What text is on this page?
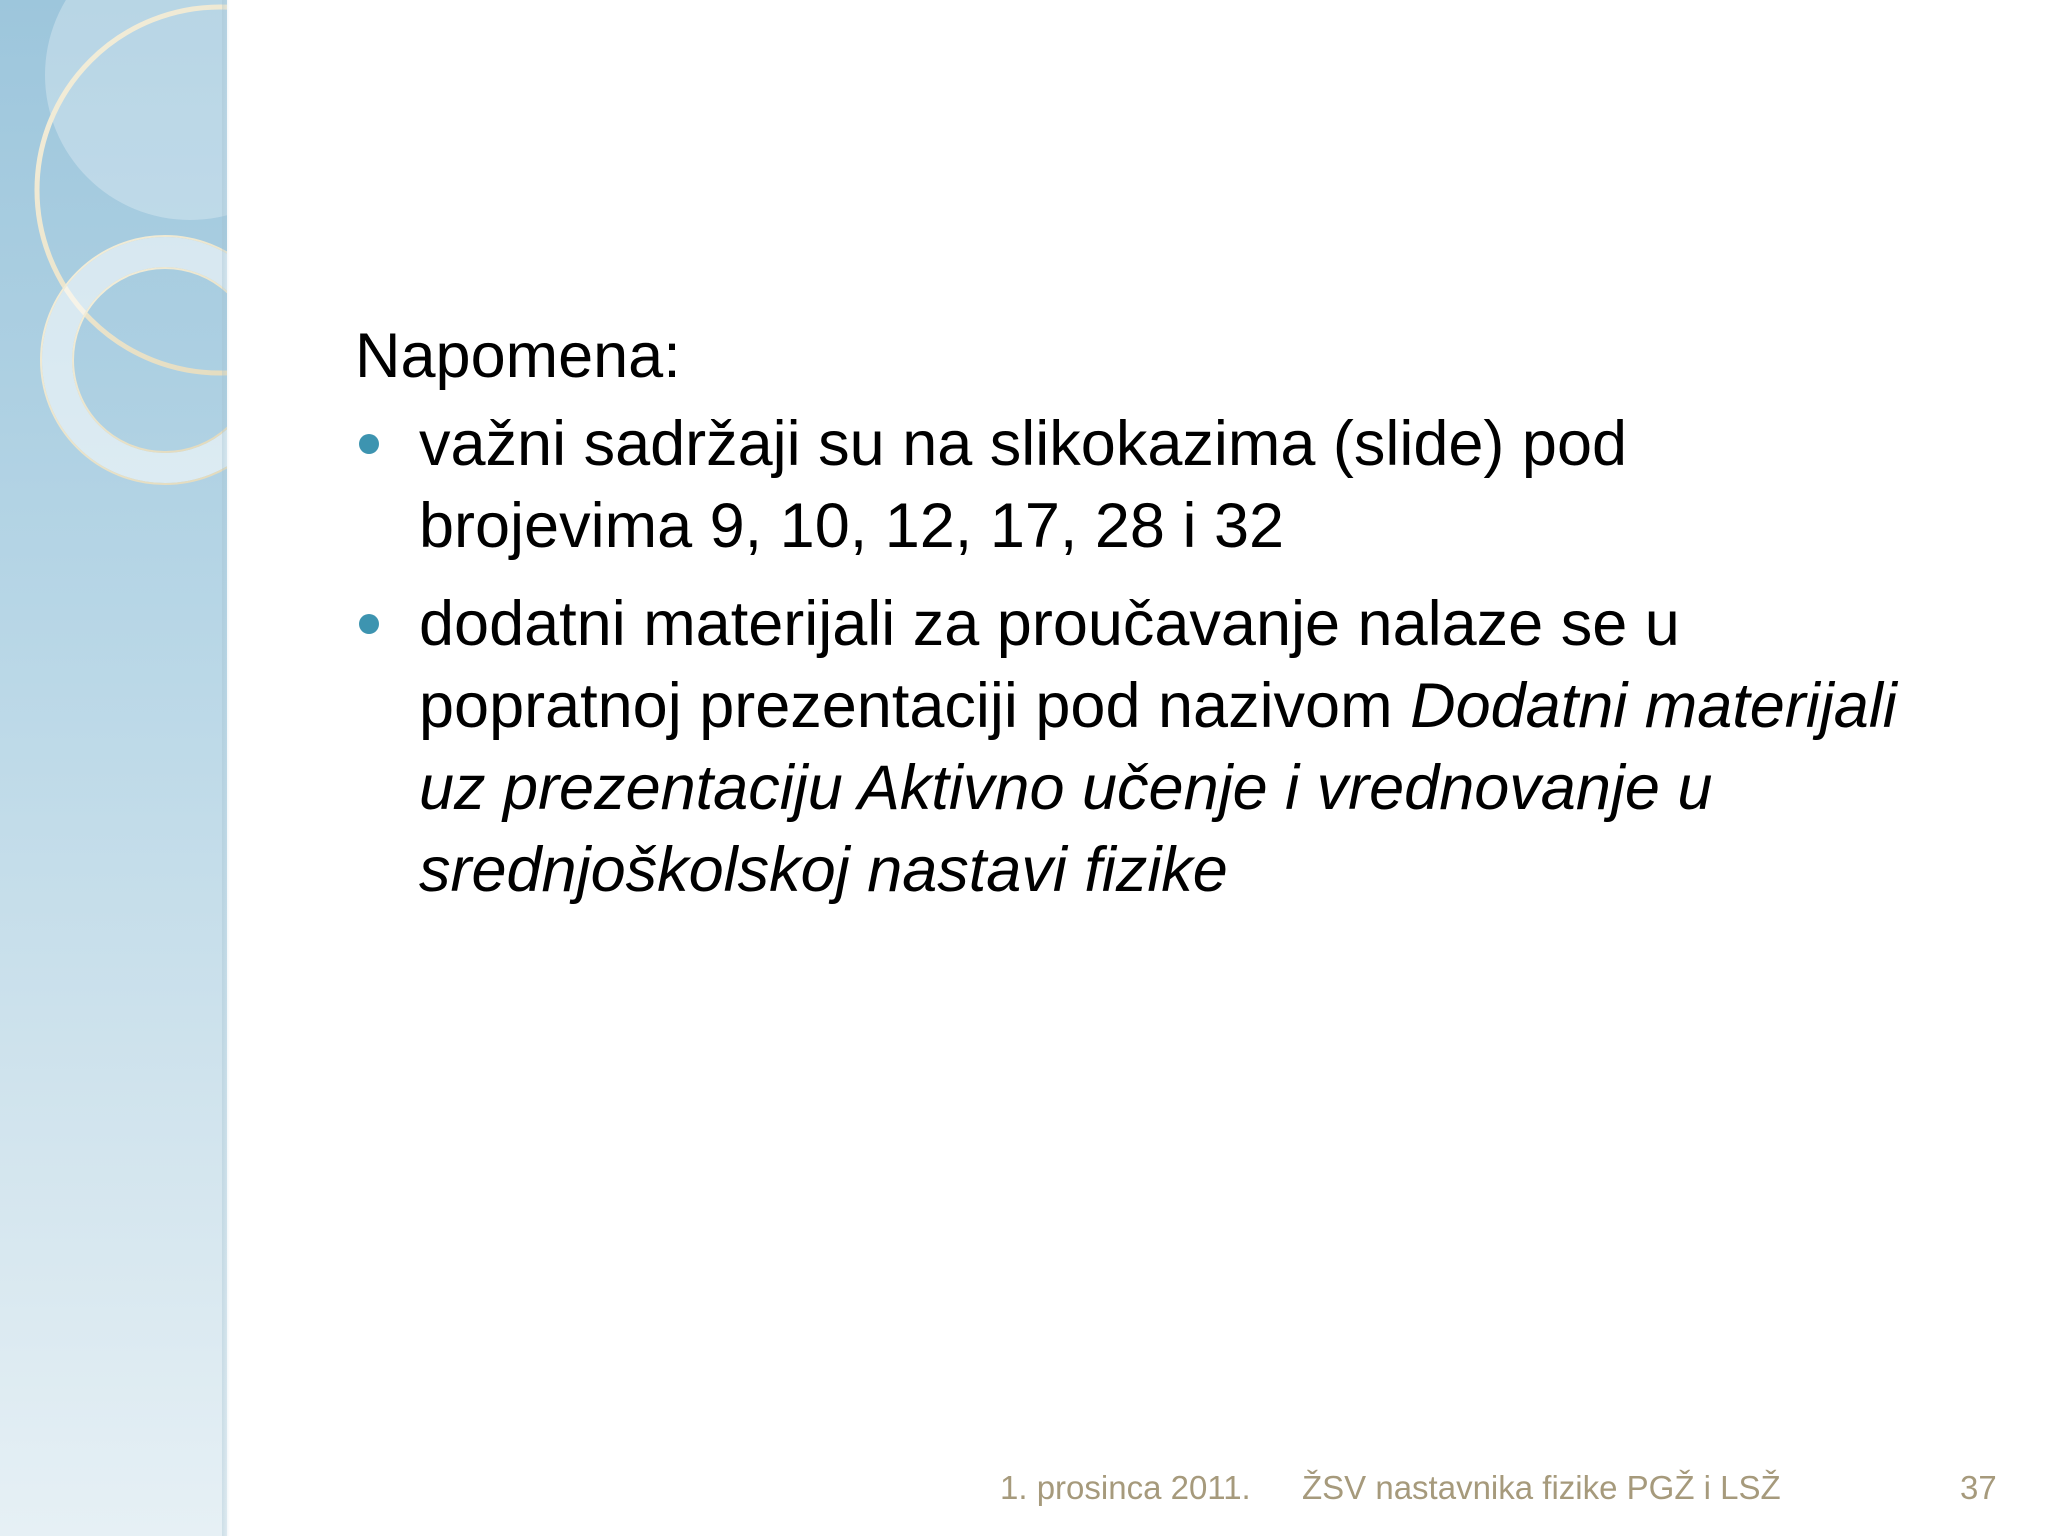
Napomena:
važni sadržaji su na slikokazima (slide) pod brojevima 9, 10, 12, 17, 28 i 32
dodatni materijali za proučavanje nalaze se u popratnoj prezentaciji pod nazivom Dodatni materijali uz prezentaciju Aktivno učenje i vrednovanje u srednjoškolskoj nastavi fizike
1. prosinca 2011. ŽSV nastavnika fizike PGŽ i LSŽ	37
